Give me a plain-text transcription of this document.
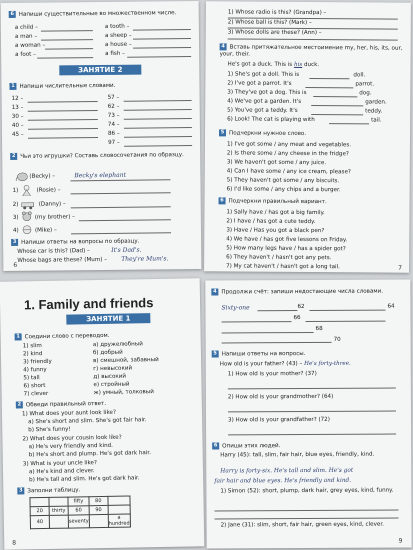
6 Напиши существительные во множественном числе.
a child –
a man –
a woman –
a foot –
a tooth –
a sheep –
a house –
a fish –
ЗАНЯТИЕ 2
1 Напиши числительные словами.
12 –
13 –
30 –
40 –
45 –
57 –
62 –
73 –
74 –
86 –
97 –
2 Чьи это игрушки? Составь словосочетания по образцу.
(Becky) –	Becky's elephant
1)	(Rosie) –
2)	(Danny) –
3)	(my brother) –
4)	(Mike) –
3 Напиши ответы на вопросы по образцу.
Whose car is this? (Dad) –	It's Dad's.
Whose bags are these? (Mum) – They're Mum's.
6
1) Whose radio is this? (Grandpa) –
2) Whose ball is this? (Mark) –
3) Whose dolls are these? (Ann) –
4 Вставь притяжательное местоимение my, her, his, its, our, your, their.
He's got a duck. This is his duck.
1) She's got a doll. This is
2) I've got a parrot. It's
3) They've got a dog. This is
4) We've got a garden. It's
5) You've got a teddy. It's
6) Look! The cat is playing with
doll.
parrot.
dog.
garden.
teddy.
tail.
5 Подчеркни нужное слово.
1) I've got some / any meat and vegetables.
2) Is there some / any cheese in the fridge?
3) We haven't got some / any juice.
4) Can I have some / any ice cream, please?
5) They haven't got some / any biscuits.
6) I'd like some / any chips and a burger.
6 Подчеркни правильный вариант.
1) Sally have / has got a big family.
2) I have / has got a cute teddy.
3) Have / Has you got a black pen?
4) We have / has got five lessons on Friday.
5) How many legs have / has a spider got?
6) They haven't / hasn't got any pets.
7) My cat haven't / hasn't got a long tail.	7
1. Family and friends
ЗАНЯТИЕ 1
1 Соедини слово с переводом.
1) slim
2) kind
3) friendly
4) funny
5) tall
6) short
7) clever
а) дружелюбный
б) добрый
в) смешной, забавный
г) невысокий
д) высокий
е) стройный
ж) умный, толковый
2 Обведи правильный ответ.
1) What does your aunt look like?
a) She's short and slim. She's got fair hair.
b) She's funny!
2) What does your cousin look like?
a) He's very friendly and kind.
b) He's short and plump. He's got dark hair.
3) What is your uncle like?
a) He's kind and clever.
b) He's tall and slim. He's got dark hair.
3 Заполни таблицу.
		fifty	80	
20	thirty	60	90	
40		seventy		a hundred
8
4 Продолжи счёт: запиши недостающие числа словами.
Sixty-one	62	64
66
68
70
5 Напиши ответы на вопросы.
How old is your father? (43) – He's forty-three.
1) How old is your mother? (37)
2) How old is your grandmother? (64)
3) How old is your grandfather? (72)
6 Опиши этих людей.
Harry (45): tall, slim, fair hair, blue eyes, friendly, kind.
Harry is forty-six. He's tall and slim. He's got
fair hair and blue eyes. He's friendly and kind.
1) Simon (52): short, plump, dark hair, grey eyes, kind, funny.
2) Jane (31): slim, short, fair hair, green eyes, kind, clever.
9
